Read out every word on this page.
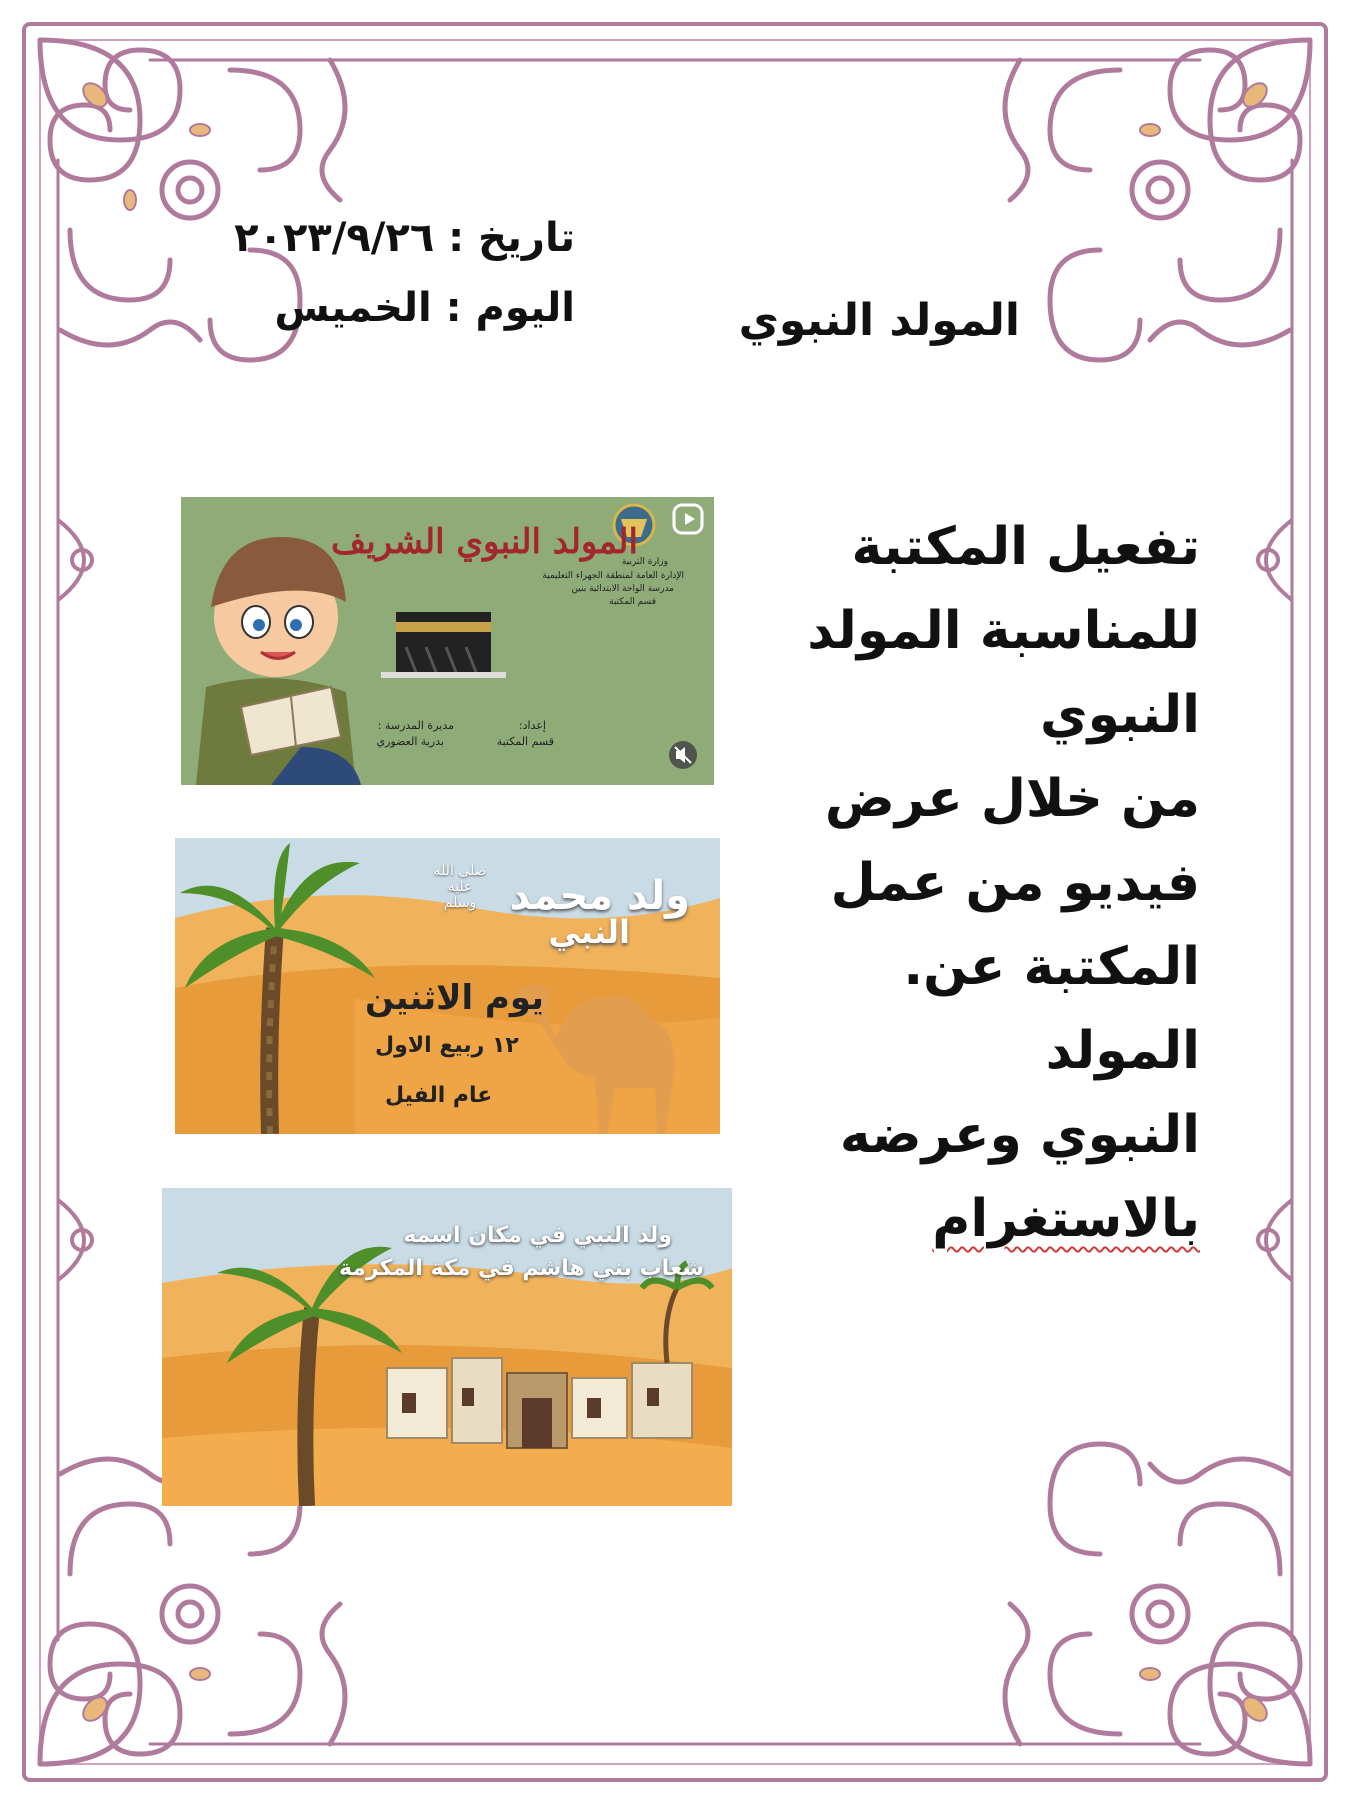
تاريخ : ٢٠٢٣/٩/٢٦
اليوم : الخميس	المولد النبوي
تفعيل المكتبة
للمناسبة المولد
النبوي
من خلال عرض
فيديو من عمل
المكتبة عن. المولد
النبوي وعرضه
بالاستغرام
المولد النبوي الشريف
وزارة التربية
الإدارة العامة لمنطقة الجهراء التعليمية
مدرسة الواحة الابتدائية بنين
قسم المكتبة
إعداد:
قسم المكتبة
مديرة المدرسة :
بدرية العضوري
ولد محمد
النبي
صلى الله عليه وسلم
يوم الاثنين
١٢ ربيع الاول
عام الفيل
ولد النبي في مكان اسمه
شعاب بني هاشم في مكة المكرمة
